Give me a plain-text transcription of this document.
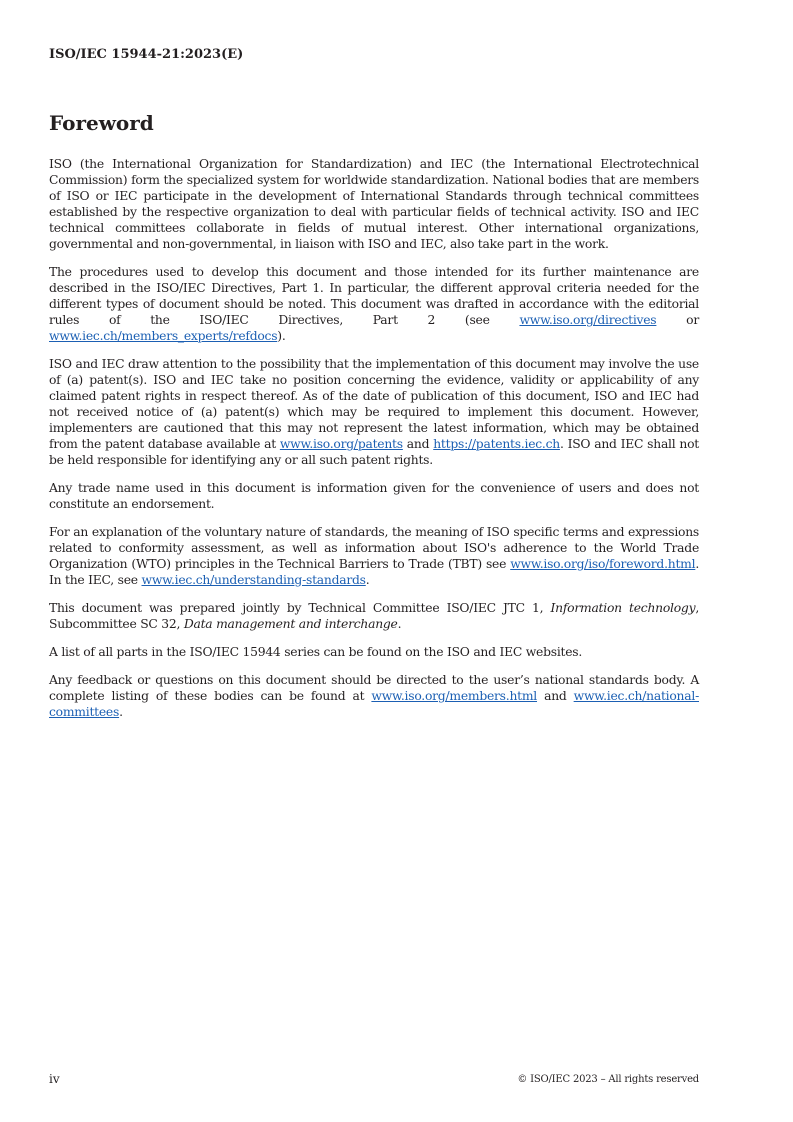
ISO/IEC 15944-21:2023(E)
Foreword

ISO (the International Organization for Standardization) and IEC (the International Electrotechnical Commission) form the specialized system for worldwide standardization. National bodies that are members of ISO or IEC participate in the development of International Standards through technical committees established by the respective organization to deal with particular fields of technical activity. ISO and IEC technical committees collaborate in fields of mutual interest. Other international organizations, governmental and non-governmental, in liaison with ISO and IEC, also take part in the work.

The procedures used to develop this document and those intended for its further maintenance are described in the ISO/IEC Directives, Part 1. In particular, the different approval criteria needed for the different types of document should be noted. This document was drafted in accordance with the editorial rules of the ISO/IEC Directives, Part 2 (see www.iso.org/directives or www.iec.ch/members_experts/refdocs).

ISO and IEC draw attention to the possibility that the implementation of this document may involve the use of (a) patent(s). ISO and IEC take no position concerning the evidence, validity or applicability of any claimed patent rights in respect thereof. As of the date of publication of this document, ISO and IEC had not received notice of (a) patent(s) which may be required to implement this document. However, implementers are cautioned that this may not represent the latest information, which may be obtained from the patent database available at www.iso.org/patents and https://patents.iec.ch. ISO and IEC shall not be held responsible for identifying any or all such patent rights.

Any trade name used in this document is information given for the convenience of users and does not constitute an endorsement.

For an explanation of the voluntary nature of standards, the meaning of ISO specific terms and expressions related to conformity assessment, as well as information about ISO's adherence to the World Trade Organization (WTO) principles in the Technical Barriers to Trade (TBT) see www.iso.org/iso/foreword.html. In the IEC, see www.iec.ch/understanding-standards.

This document was prepared jointly by Technical Committee ISO/IEC JTC 1, Information technology, Subcommittee SC 32, Data management and interchange.

A list of all parts in the ISO/IEC 15944 series can be found on the ISO and IEC websites.

Any feedback or questions on this document should be directed to the user’s national standards body. A complete listing of these bodies can be found at www.iso.org/members.html and www.iec.ch/national-committees.

iv	© ISO/IEC 2023 – All rights reserved
